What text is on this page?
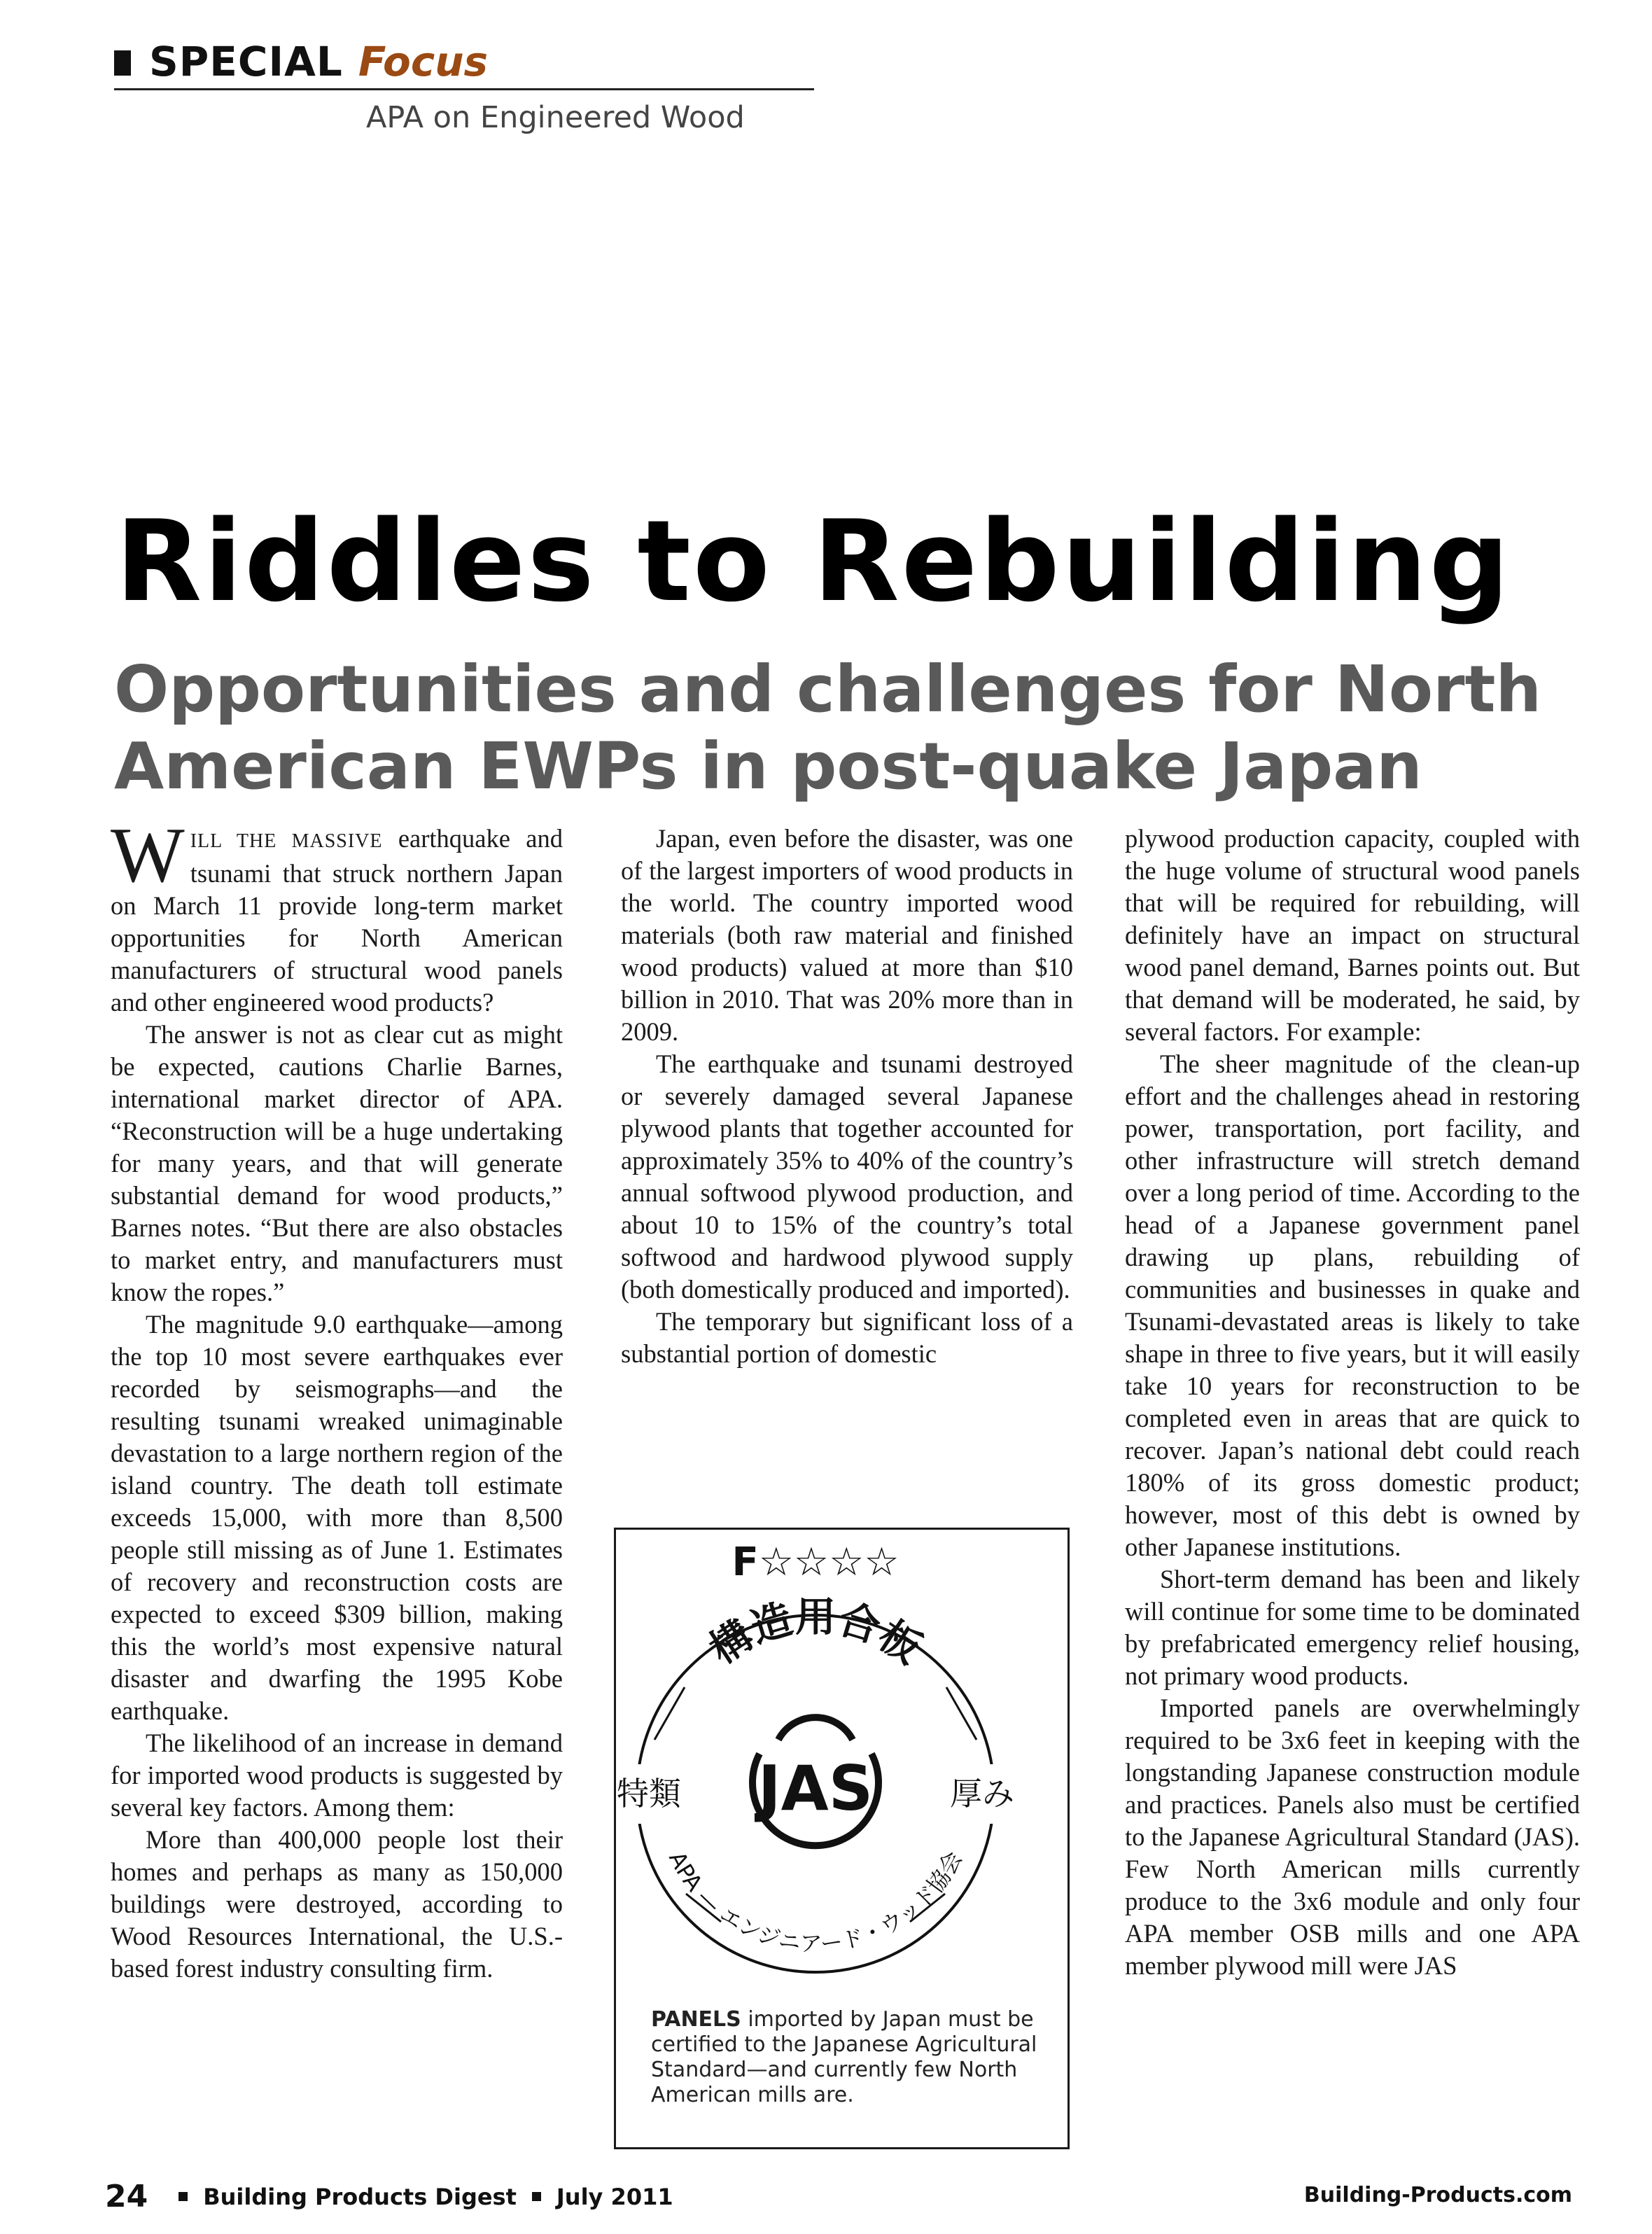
SPECIAL Focus
APA on Engineered Wood
Riddles to Rebuilding
Opportunities and challenges for North American EWPs in post-quake Japan

WILL THE MASSIVE earthquake and tsunami that struck northern Japan on March 11 provide long-term market opportunities for North American manufacturers of structural wood panels and other engineered wood products?

The answer is not as clear cut as might be expected, cautions Charlie Barnes, international market director of APA. “Reconstruction will be a huge undertaking for many years, and that will generate substantial demand for wood products,” Barnes notes. “But there are also obstacles to market entry, and manufacturers must know the ropes.”

The magnitude 9.0 earthquake—among the top 10 most severe earthquakes ever recorded by seismographs—and the resulting tsunami wreaked unimaginable devastation to a large northern region of the island country. The death toll estimate exceeds 15,000, with more than 8,500 people still missing as of June 1. Estimates of recovery and reconstruction costs are expected to exceed $309 billion, making this the world’s most expensive natural disaster and dwarfing the 1995 Kobe earthquake.

The likelihood of an increase in demand for imported wood products is suggested by several key factors. Among them:

More than 400,000 people lost their homes and perhaps as many as 150,000 buildings were destroyed, according to Wood Resources International, the U.S.-based forest industry consulting firm.

Japan, even before the disaster, was one of the largest importers of wood products in the world. The country imported wood materials (both raw material and finished wood products) valued at more than $10 billion in 2010. That was 20% more than in 2009.

The earthquake and tsunami destroyed or severely damaged several Japanese plywood plants that together accounted for approximately 35% to 40% of the country’s annual softwood plywood production, and about 10 to 15% of the country’s total softwood and hardwood plywood supply (both domestically produced and imported).

The temporary but significant loss of a substantial portion of domestic

plywood production capacity, coupled with the huge volume of structural wood panels that will be required for rebuilding, will definitely have an impact on structural wood panel demand, Barnes points out. But that demand will be moderated, he said, by several factors. For example:

The sheer magnitude of the clean-up effort and the challenges ahead in restoring power, transportation, port facility, and other infrastructure will stretch demand over a long period of time. According to the head of a Japanese government panel drawing up plans, rebuilding of communities and businesses in quake and Tsunami-devastated areas is likely to take shape in three to five years, but it will easily take 10 years for reconstruction to be completed even in areas that are quick to recover. Japan’s national debt could reach 180% of its gross domestic product; however, most of this debt is owned by other Japanese institutions.

Short-term demand has been and likely will continue for some time to be dominated by prefabricated emergency relief housing, not primary wood products.

Imported panels are overwhelmingly required to be 3x6 feet in keeping with the longstanding Japanese construction module and practices. Panels also must be certified to the Japanese Agricultural Standard (JAS). Few North American mills currently produce to the 3x6 module and only four APA member OSB mills and one APA member plywood mill were JAS

F☆☆☆☆
構造用合板
APA — エンジニアード・ウッド協会
JAS
特類	厚み

PANELS imported by Japan must be certified to the Japanese Agricultural Standard—and currently few North American mills are.

24 Building Products Digest July 2011	Building-Products.com
